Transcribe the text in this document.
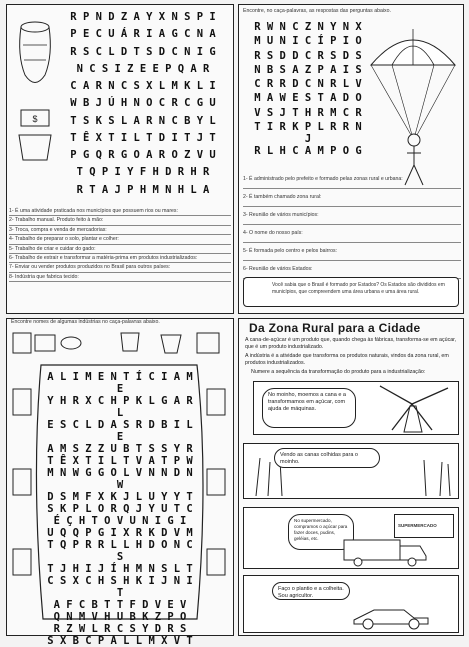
$
R P N D Z A Y X N S P I
P E C U Á R I A G C N A
R S C L D T S D C N I G
N C S I Z E E P Q A R
C A R N C S X L M K L I
W B J Ú H N O C R C G U
T S K S L A R N C B Y L
T Ê X T I L T D I T J T
P G Q R G O A R O Z V U
T Q P I Y F H D R H R
R T A J P H M N H L A
1- É uma atividade praticada nos municípios que possuem rios ou mares:
2- Trabalho manual. Produto feito à mão:
3- Troca, compra e venda de mercadorias:
4- Trabalho de preparar o solo, plantar e colher:
5- Trabalho de criar e cuidar do gado:
6- Trabalho de extrair e transformar a matéria-prima em produtos industrializados:
7- Enviar ou vender produtos produzidos no Brasil para outros países:
8- Indústria que fabrica tecido:
Encontre, no caça-palavras, as respostas das perguntas abaixo.
R W N C Z N Y N X
M U N I C Í P I O
R S D D C R S D S
N B S A Z P A I S
C R R D C N R L V
M A W E S T A D O
V S J T H R M C R
T I R K P L R R N J
R L H C A M P O G
1- É administrado pelo prefeito e formado pelas zonas rural e urbana:
2- É também chamado zona rural:
3- Reunião de vários municípios:
4- O nome do nosso país:
5- É formada pelo centro e pelos bairros:
6- Reunião de vários Estados:
Você sabia que o Brasil é formado por Estados? Os Estados são divididos em municípios, que compreendem uma área urbana e uma área rural.
Encontre nomes de algumas indústrias no caça-palavras abaixo.
A L I M E N T Í C I A M E
Y H R X C H P K L G A R L
E S C L D A S R D B I L E
A M S Z Z U B T S S Y R
T Ê X T I L T V A T P W
M N W G G O L V N N D N W
D S M F X K J L U Y Y T
S K P L O R Q J Y U T C
É Ç H T O V U N I G I
U Q Q P G I X R K D V M
T Q P R R L L H D O N C S
T J H I J Í H M N S L T
C S X C H S H K I J N I T
A F C B T T F D V E V
Q N M V H U B K Z P O
R Z W L R C S Y D R S
S X B C P A L L M X V T
Da Zona Rural para a Cidade
A cana-de-açúcar é um produto que, quando chega às fábricas, transforma-se em açúcar, que é um produto industrializado.
A indústria é a atividade que transforma os produtos naturais, vindos da zona rural, em produtos industrializados.
Numere a sequência da transformação do produto para a industrialização:
No moinho, moemos a cana e a transformamos em açúcar, com ajuda de máquinas.
Vendo as canas colhidas para o moinho.
No supermercado, compramos o açúcar para fazer doces, pudins, geléias, etc.
SUPERMERCADO
Faço o plantio e a colheita. Sou agricultor.
